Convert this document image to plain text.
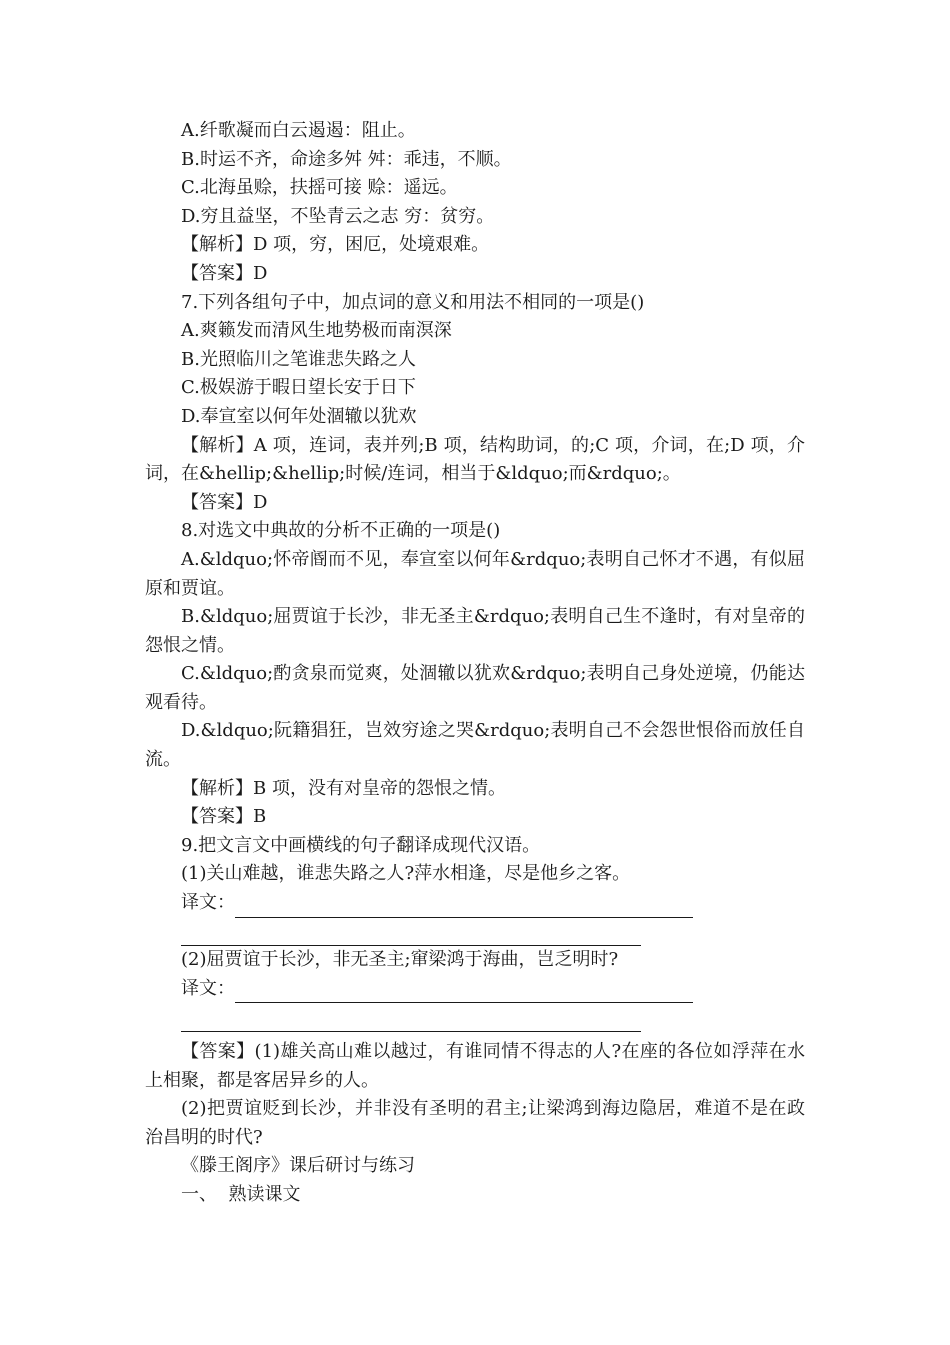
A.纤歌凝而白云遏遏：阻止。

B.时运不齐，命途多舛 舛：乖违，不顺。

C.北海虽赊，扶摇可接 赊：遥远。

D.穷且益坚，不坠青云之志 穷：贫穷。

【解析】D 项，穷，困厄，处境艰难。

【答案】D

7.下列各组句子中，加点词的意义和用法不相同的一项是()

A.爽籁发而清风生地势极而南溟深

B.光照临川之笔谁悲失路之人

C.极娱游于暇日望长安于日下

D.奉宣室以何年处涸辙以犹欢

【解析】A 项，连词，表并列;B 项，结构助词，的;C 项，介词，在;D 项，介词，在&hellip;&hellip;时候/连词，相当于&ldquo;而&rdquo;。

【答案】D

8.对选文中典故的分析不正确的一项是()

A.&ldquo;怀帝阍而不见，奉宣室以何年&rdquo;表明自己怀才不遇，有似屈原和贾谊。

B.&ldquo;屈贾谊于长沙，非无圣主&rdquo;表明自己生不逢时，有对皇帝的怨恨之情。

C.&ldquo;酌贪泉而觉爽，处涸辙以犹欢&rdquo;表明自己身处逆境，仍能达观看待。

D.&ldquo;阮籍猖狂，岂效穷途之哭&rdquo;表明自己不会怨世恨俗而放任自流。

【解析】B 项，没有对皇帝的怨恨之情。

【答案】B

9.把文言文中画横线的句子翻译成现代汉语。

(1)关山难越，谁悲失路之人?萍水相逢，尽是他乡之客。

译文：

(2)屈贾谊于长沙，非无圣主;窜梁鸿于海曲，岂乏明时?

译文：

【答案】(1)雄关高山难以越过，有谁同情不得志的人?在座的各位如浮萍在水上相聚，都是客居异乡的人。

(2)把贾谊贬到长沙，并非没有圣明的君主;让梁鸿到海边隐居，难道不是在政治昌明的时代?

《滕王阁序》课后研讨与练习

一、  熟读课文
